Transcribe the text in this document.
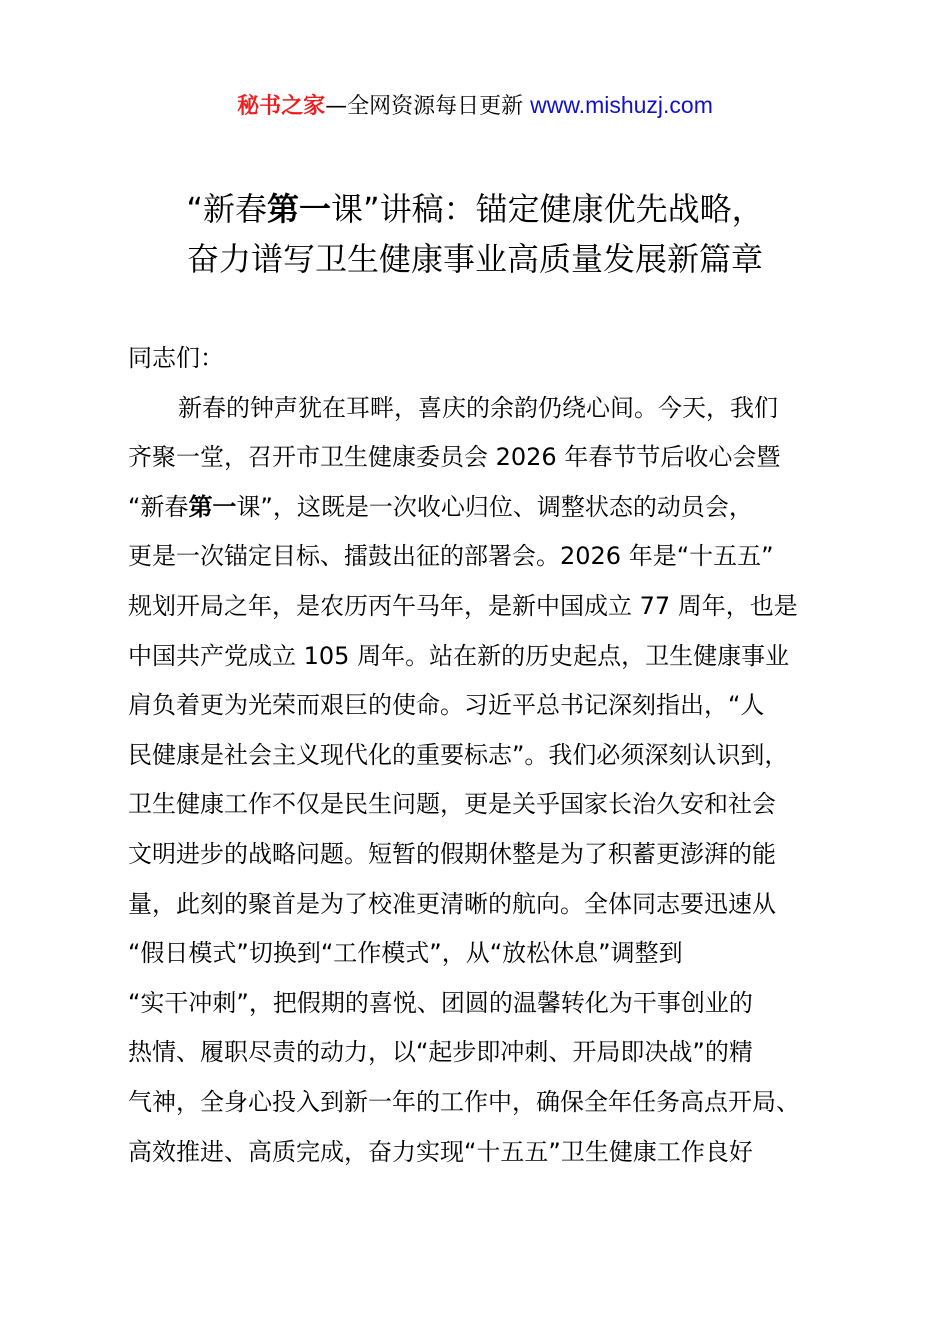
秘书之家—全网资源每日更新 www.mishuzj.com
“新春第一课”讲稿：锚定健康优先战略，
奋力谱写卫生健康事业高质量发展新篇章
同志们：
新春的钟声犹在耳畔，喜庆的余韵仍绕心间。今天，我们
齐聚一堂，召开市卫生健康委员会 2026 年春节节后收心会暨
“新春第一课”，这既是一次收心归位、调整状态的动员会，
更是一次锚定目标、擂鼓出征的部署会。2026 年是“十五五”
规划开局之年，是农历丙午马年，是新中国成立 77 周年，也是
中国共产党成立 105 周年。站在新的历史起点，卫生健康事业
肩负着更为光荣而艰巨的使命。习近平总书记深刻指出，“人
民健康是社会主义现代化的重要标志”。我们必须深刻认识到，
卫生健康工作不仅是民生问题，更是关乎国家长治久安和社会
文明进步的战略问题。短暂的假期休整是为了积蓄更澎湃的能
量，此刻的聚首是为了校准更清晰的航向。全体同志要迅速从
“假日模式”切换到“工作模式”，从“放松休息”调整到
“实干冲刺”，把假期的喜悦、团圆的温馨转化为干事创业的
热情、履职尽责的动力，以“起步即冲刺、开局即决战”的精
气神，全身心投入到新一年的工作中，确保全年任务高点开局、
高效推进、高质完成，奋力实现“十五五”卫生健康工作良好
